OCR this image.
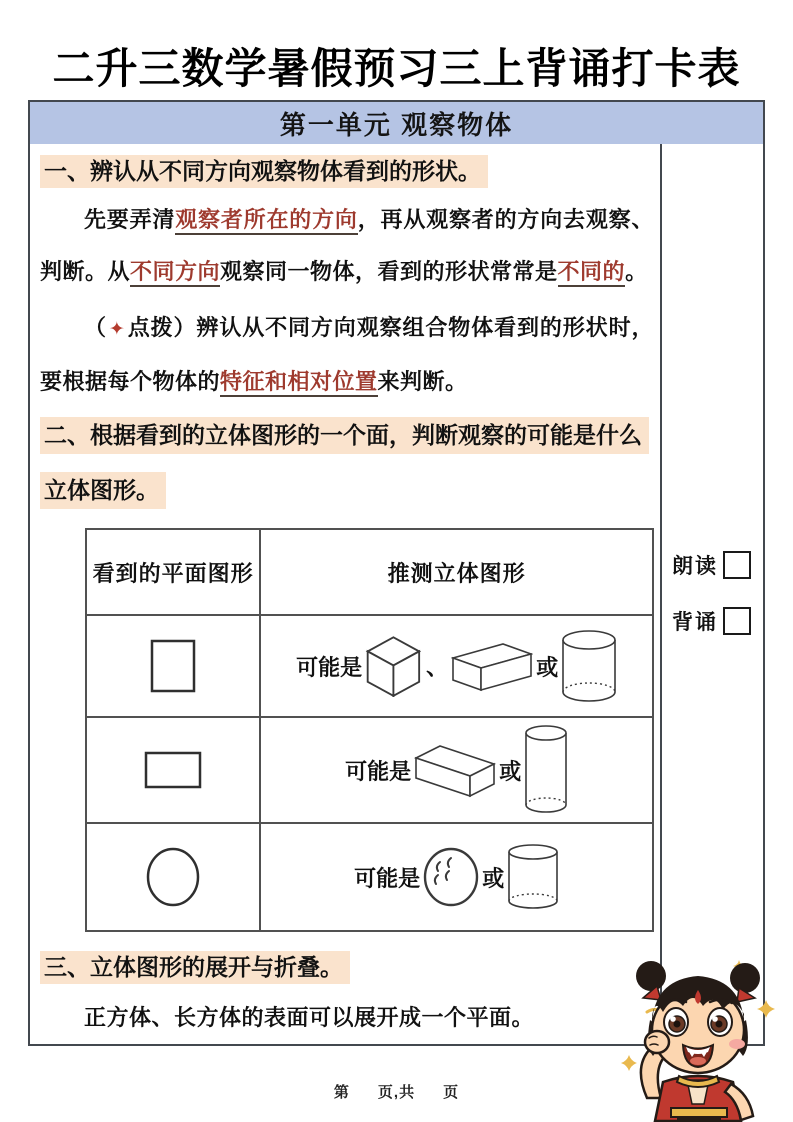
二升三数学暑假预习三上背诵打卡表
第一单元 观察物体
一、辨认从不同方向观察物体看到的形状。

先要弄清观察者所在的方向，再从观察者的方向去观察、判断。从不同方向观察同一物体，看到的形状常常是不同的。

（ ✦点拨）辨认从不同方向观察组合物体看到的形状时，要根据每个物体的特征和相对位置来判断。

二、根据看到的立体图形的一个面，判断观察的可能是什么
立体图形。
看到的平面图形	推测立体图形

可能是 、 或

可能是 或

可能是 或
三、立体图形的展开与折叠。

正方体、长方体的表面可以展开成一个平面。

朗读
背诵
第 页,共 页
